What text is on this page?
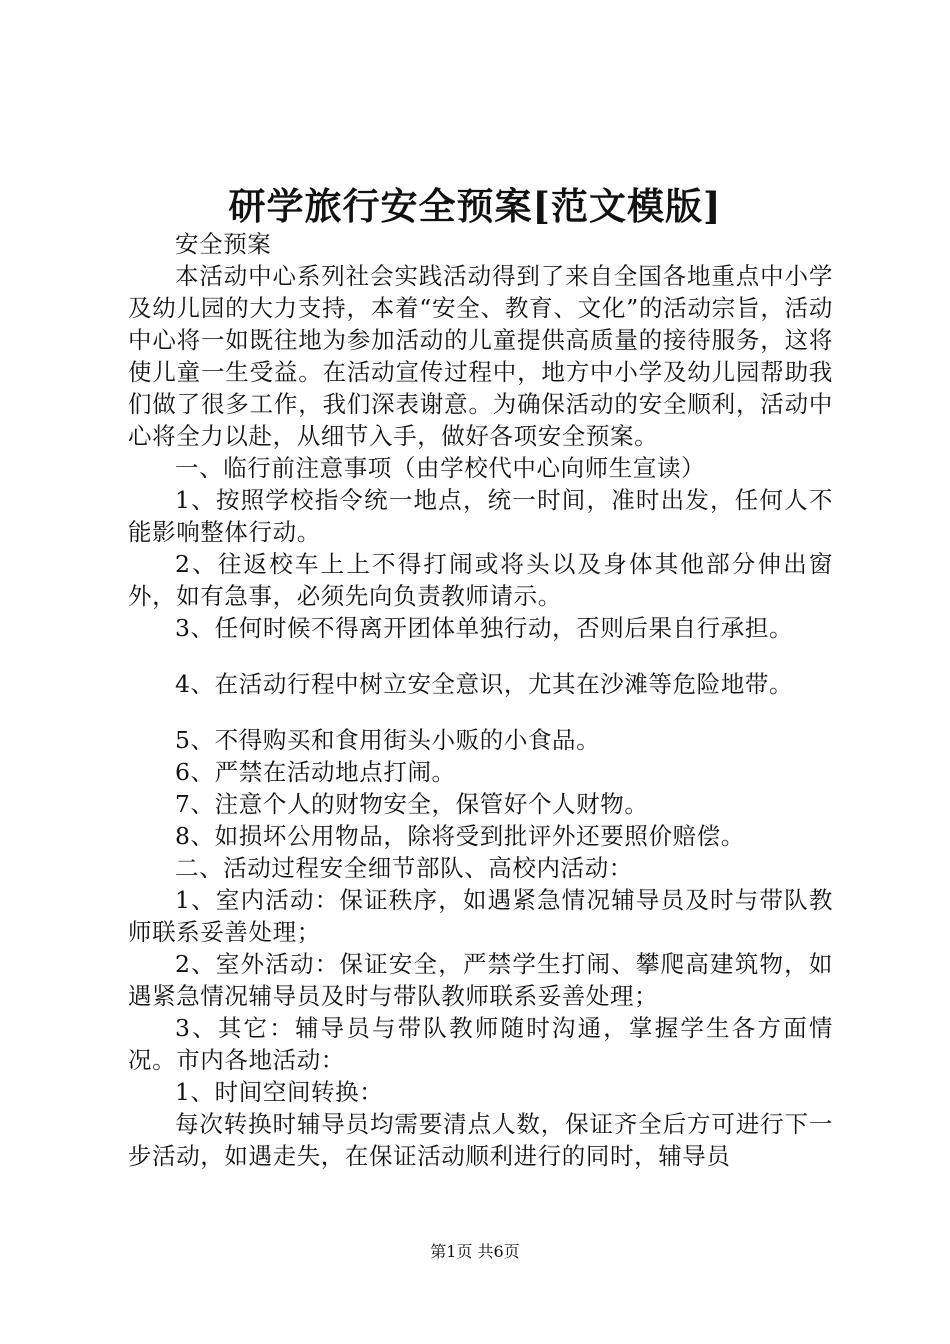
研学旅行安全预案[范文模版]

安全预案

本活动中心系列社会实践活动得到了来自全国各地重点中小学及幼儿园的大力支持，本着“安全、教育、文化”的活动宗旨，活动中心将一如既往地为参加活动的儿童提供高质量的接待服务，这将使儿童一生受益。在活动宣传过程中，地方中小学及幼儿园帮助我们做了很多工作，我们深表谢意。为确保活动的安全顺利，活动中心将全力以赴，从细节入手，做好各项安全预案。

一、临行前注意事项（由学校代中心向师生宣读）

1、按照学校指令统一地点，统一时间，准时出发，任何人不能影响整体行动。

2、往返校车上上不得打闹或将头以及身体其他部分伸出窗外，如有急事，必须先向负责教师请示。

3、任何时候不得离开团体单独行动，否则后果自行承担。

4、在活动行程中树立安全意识，尤其在沙滩等危险地带。

5、不得购买和食用街头小贩的小食品。

6、严禁在活动地点打闹。

7、注意个人的财物安全，保管好个人财物。

8、如损坏公用物品，除将受到批评外还要照价赔偿。

二、活动过程安全细节部队、高校内活动：

1、室内活动：保证秩序，如遇紧急情况辅导员及时与带队教师联系妥善处理；

2、室外活动：保证安全，严禁学生打闹、攀爬高建筑物，如遇紧急情况辅导员及时与带队教师联系妥善处理；

3、其它：辅导员与带队教师随时沟通，掌握学生各方面情况。市内各地活动：

1、时间空间转换：

每次转换时辅导员均需要清点人数，保证齐全后方可进行下一步活动，如遇走失，在保证活动顺利进行的同时，辅导员

第1页 共6页
